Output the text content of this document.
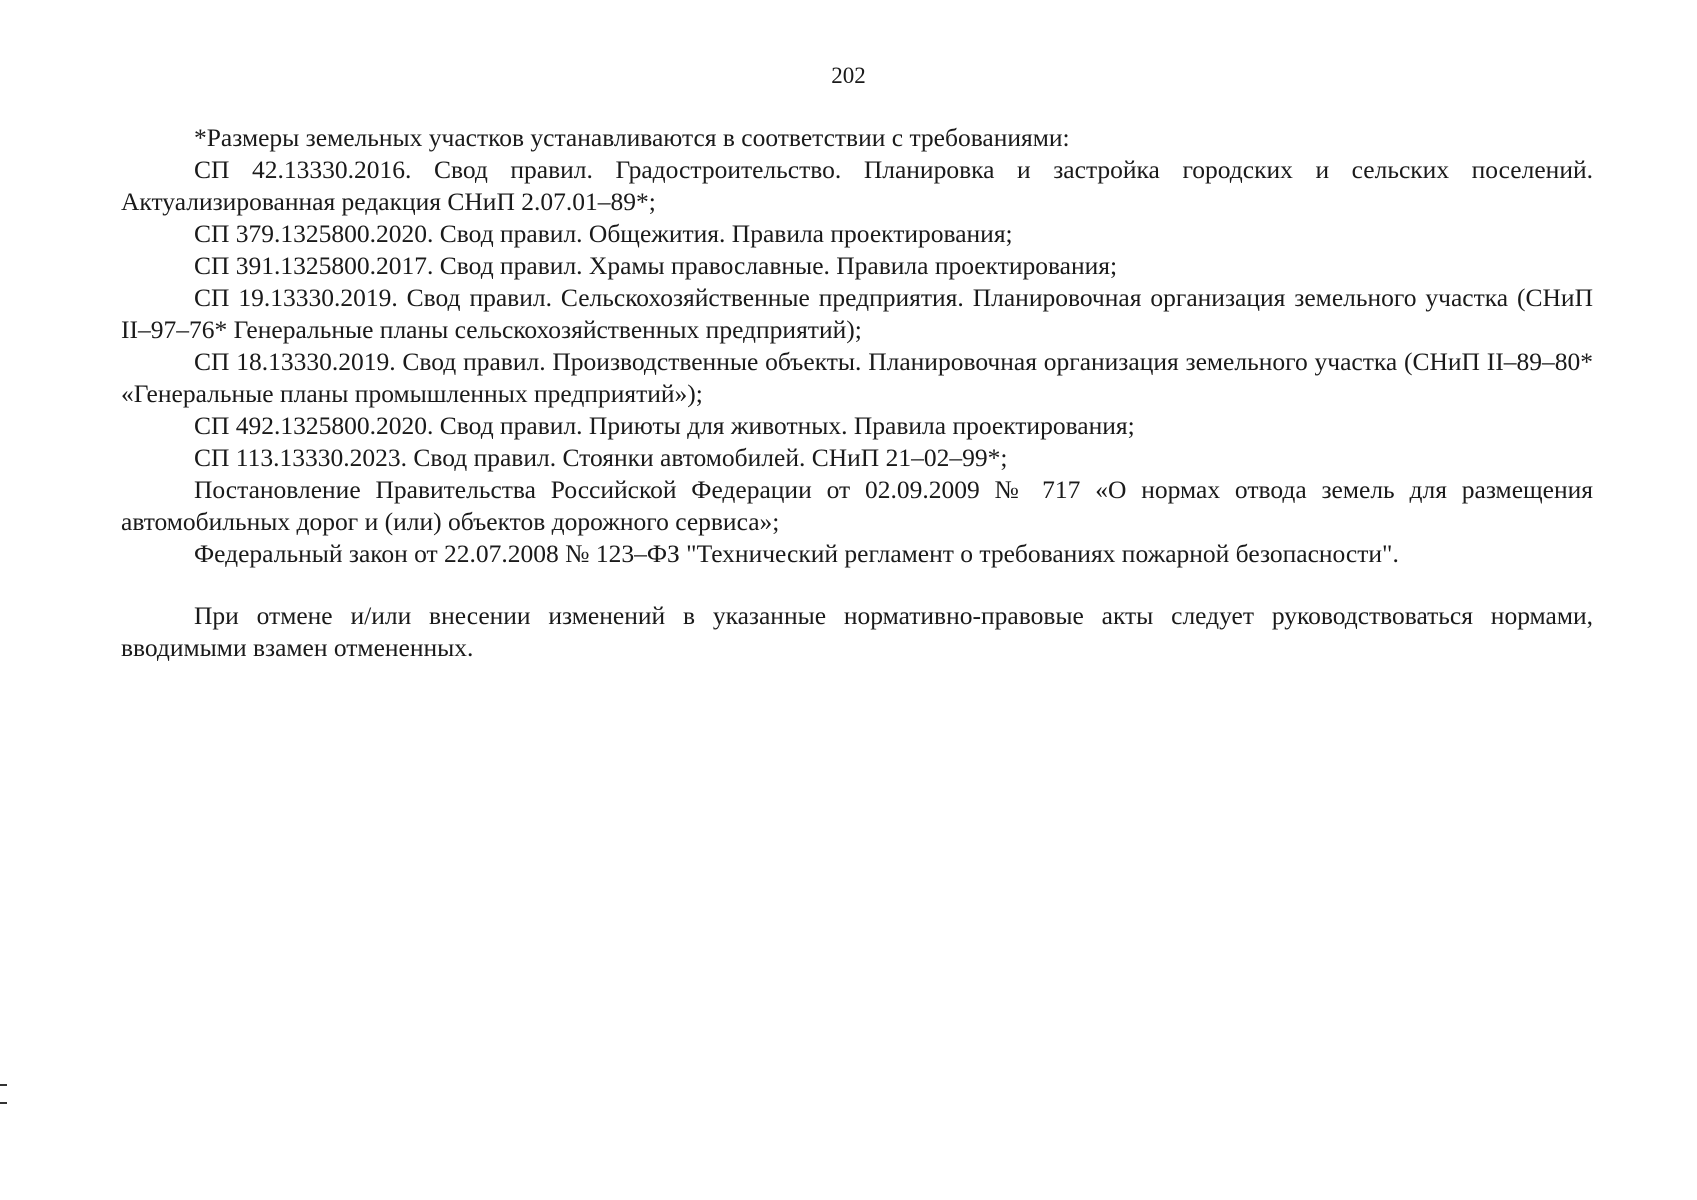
202

*Размеры земельных участков устанавливаются в соответствии с требованиями:

СП 42.13330.2016. Свод правил. Градостроительство. Планировка и застройка городских и сельских поселений. Актуализированная редакция СНиП 2.07.01–89*;

СП 379.1325800.2020. Свод правил. Общежития. Правила проектирования;

СП 391.1325800.2017. Свод правил. Храмы православные. Правила проектирования;

СП 19.13330.2019. Свод правил. Сельскохозяйственные предприятия. Планировочная организация земельного участка (СНиП II–97–76* Генеральные планы сельскохозяйственных предприятий);

СП 18.13330.2019. Свод правил. Производственные объекты. Планировочная организация земельного участка (СНиП II–89–80* «Генеральные планы промышленных предприятий»);

СП 492.1325800.2020. Свод правил. Приюты для животных. Правила проектирования;

СП 113.13330.2023. Свод правил. Стоянки автомобилей. СНиП 21–02–99*;

Постановление Правительства Российской Федерации от 02.09.2009 № 717 «О нормах отвода земель для размещения автомобильных дорог и (или) объектов дорожного сервиса»;

Федеральный закон от 22.07.2008 № 123–ФЗ "Технический регламент о требованиях пожарной безопасности".

При отмене и/или внесении изменений в указанные нормативно-правовые акты следует руководствоваться нормами, вводимыми взамен отмененных.
